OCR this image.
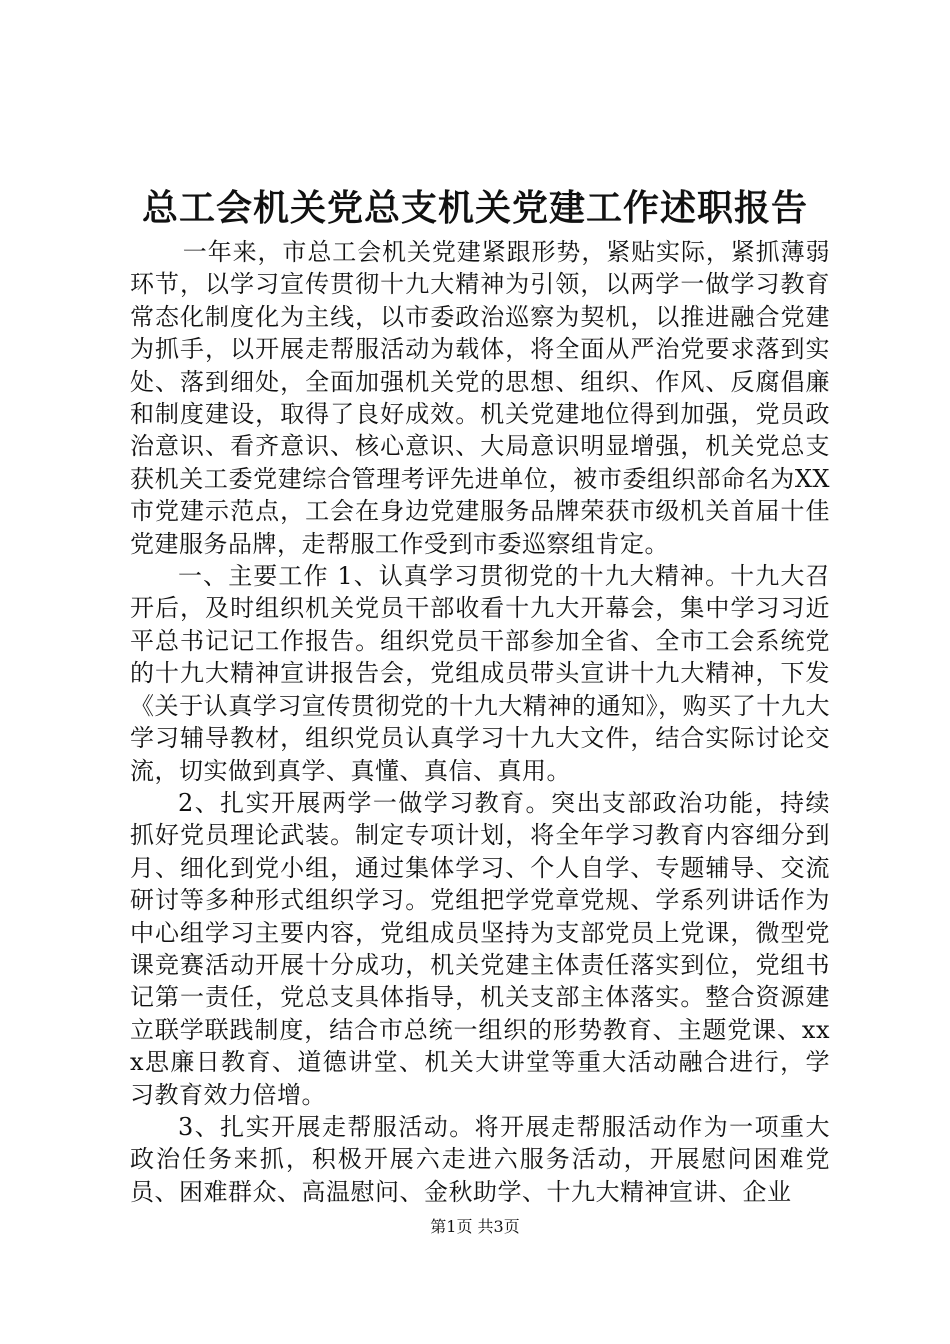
总工会机关党总支机关党建工作述职报告

一年来，市总工会机关党建紧跟形势，紧贴实际，紧抓薄弱环节，以学习宣传贯彻十九大精神为引领，以两学一做学习教育常态化制度化为主线，以市委政治巡察为契机，以推进融合党建为抓手，以开展走帮服活动为载体，将全面从严治党要求落到实处、落到细处，全面加强机关党的思想、组织、作风、反腐倡廉和制度建设，取得了良好成效。机关党建地位得到加强，党员政治意识、看齐意识、核心意识、大局意识明显增强，机关党总支获机关工委党建综合管理考评先进单位，被市委组织部命名为XX市党建示范点，工会在身边党建服务品牌荣获市级机关首届十佳党建服务品牌，走帮服工作受到市委巡察组肯定。

一、主要工作 1、认真学习贯彻党的十九大精神。十九大召开后，及时组织机关党员干部收看十九大开幕会，集中学习习近平总书记记工作报告。组织党员干部参加全省、全市工会系统党的十九大精神宣讲报告会，党组成员带头宣讲十九大精神，下发《关于认真学习宣传贯彻党的十九大精神的通知》，购买了十九大学习辅导教材，组织党员认真学习十九大文件，结合实际讨论交流，切实做到真学、真懂、真信、真用。

2、扎实开展两学一做学习教育。突出支部政治功能，持续抓好党员理论武装。制定专项计划，将全年学习教育内容细分到月、细化到党小组，通过集体学习、个人自学、专题辅导、交流研讨等多种形式组织学习。党组把学党章党规、学系列讲话作为中心组学习主要内容，党组成员坚持为支部党员上党课，微型党课竞赛活动开展十分成功，机关党建主体责任落实到位，党组书记第一责任，党总支具体指导，机关支部主体落实。整合资源建立联学联践制度，结合市总统一组织的形势教育、主题党课、xxx思廉日教育、道德讲堂、机关大讲堂等重大活动融合进行，学习教育效力倍增。

3、扎实开展走帮服活动。将开展走帮服活动作为一项重大政治任务来抓，积极开展六走进六服务活动，开展慰问困难党员、困难群众、高温慰问、金秋助学、十九大精神宣讲、企业

第1页 共3页
